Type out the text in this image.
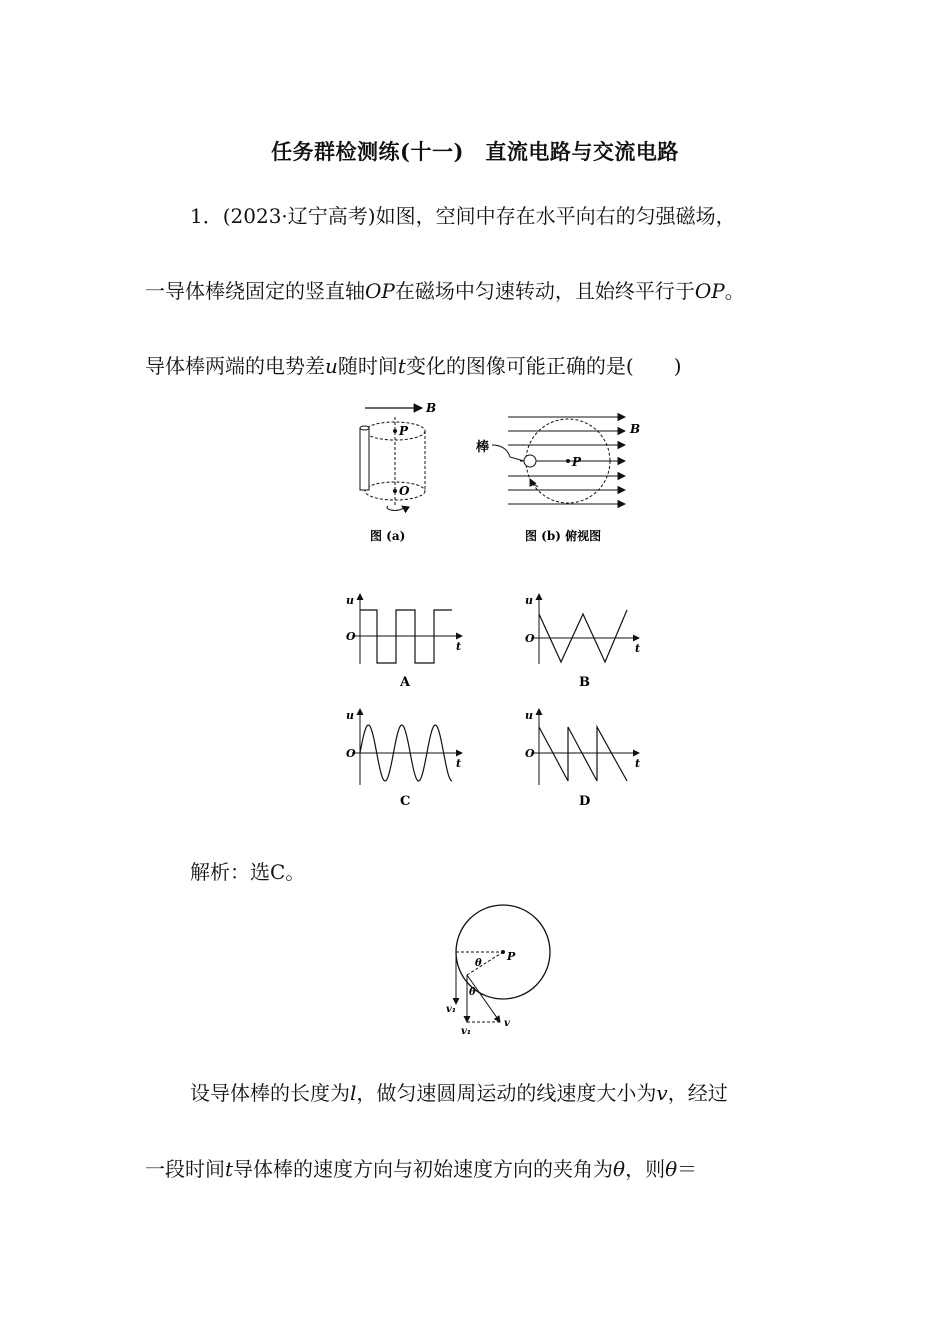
任务群检测练(十一)　直流电路与交流电路
1．(2023·辽宁高考)如图，空间中存在水平向右的匀强磁场，
一导体棒绕固定的竖直轴OP在磁场中匀速转动，且始终平行于OP。
导体棒两端的电势差u随时间t变化的图像可能正确的是(　　)
B
P
O
图 (a)
B
棒
P
图 (b) 俯视图
u
t
O
A
u
t
O
B
u
t
O
C
u
t
O
D
解析：选C。
P
θ
v₁
v₁
v
θ
设导体棒的长度为l，做匀速圆周运动的线速度大小为v，经过
一段时间t导体棒的速度方向与初始速度方向的夹角为θ，则θ＝
